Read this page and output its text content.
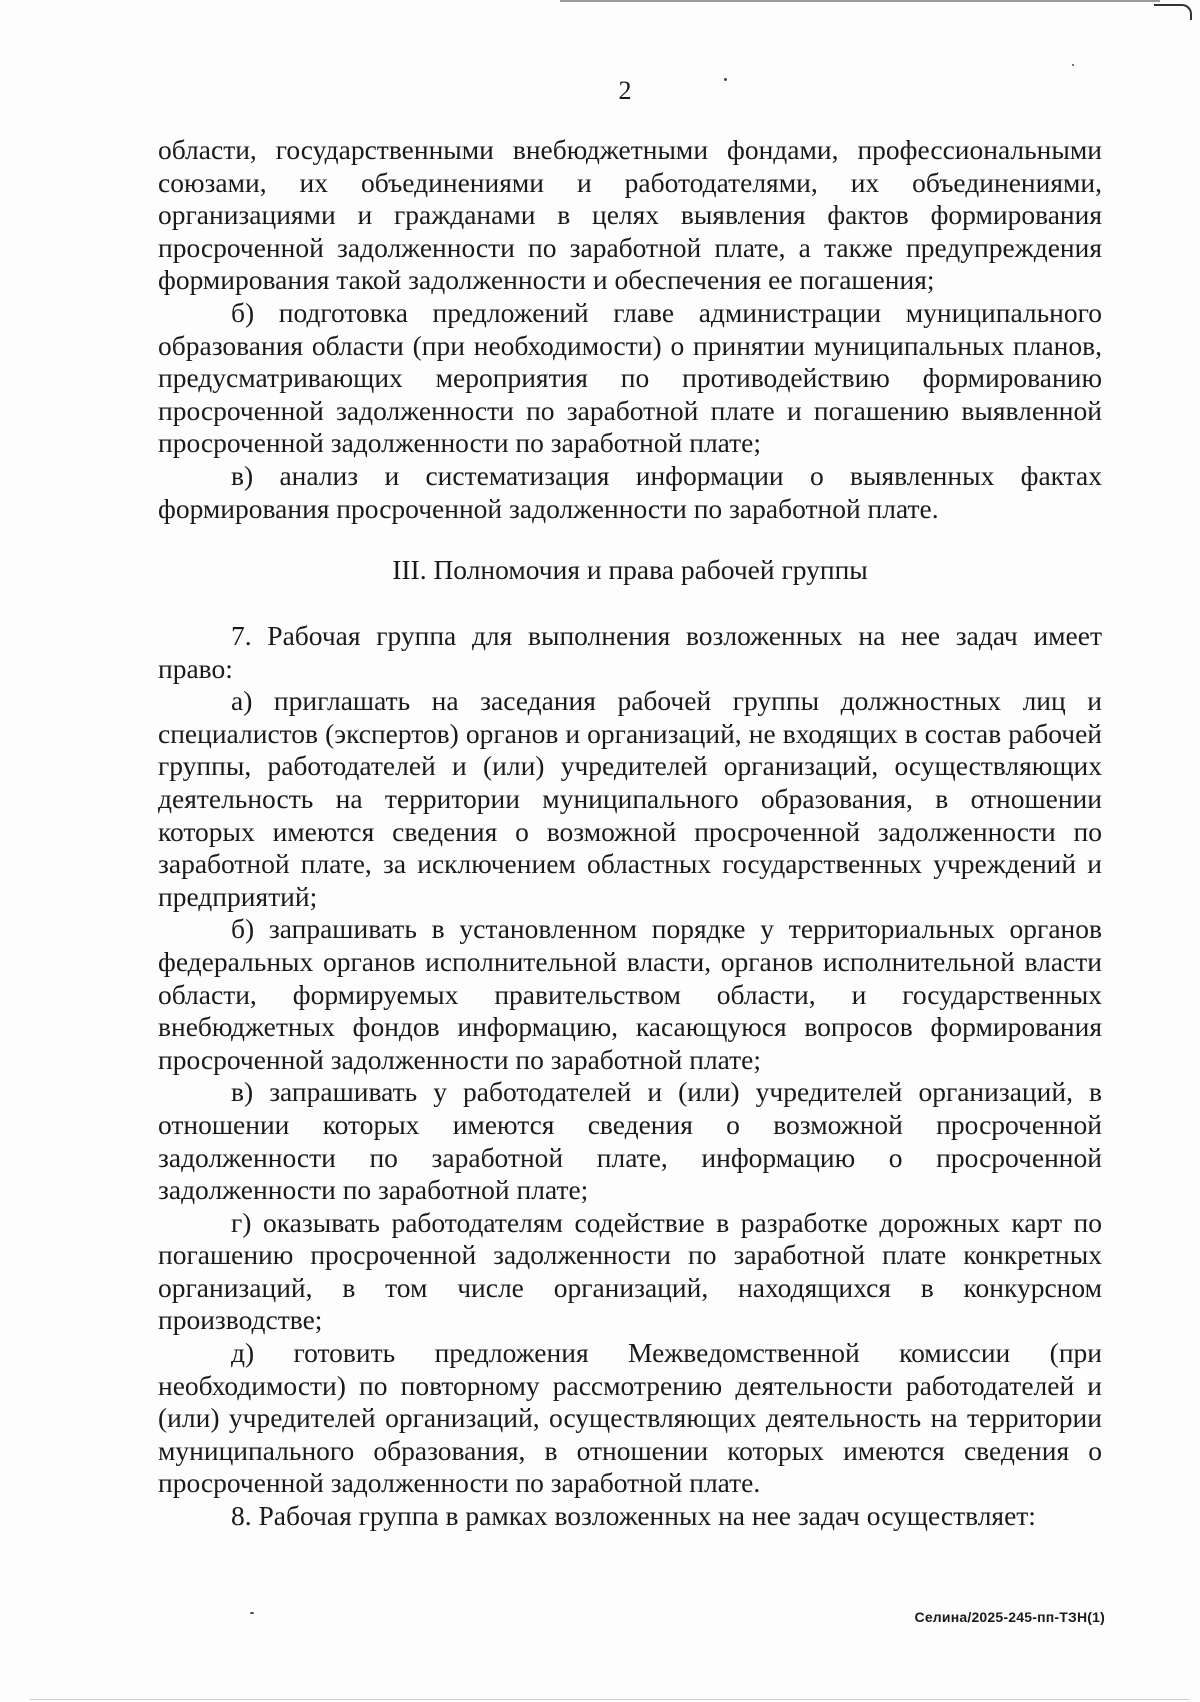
2

области, государственными внебюджетными фондами, профессиональными союзами, их объединениями и работодателями, их объединениями, организациями и гражданами в целях выявления фактов формирования просроченной задолженности по заработной плате, а также предупреждения формирования такой задолженности и обеспечения ее погашения;

б) подготовка предложений главе администрации муниципального образования области (при необходимости) о принятии муниципальных планов, предусматривающих мероприятия по противодействию формированию просроченной задолженности по заработной плате и погашению выявленной просроченной задолженности по заработной плате;

в) анализ и систематизация информации о выявленных фактах формирования просроченной задолженности по заработной плате.

III. Полномочия и права рабочей группы

7. Рабочая группа для выполнения возложенных на нее задач имеет право:

а) приглашать на заседания рабочей группы должностных лиц и специалистов (экспертов) органов и организаций, не входящих в состав рабочей группы, работодателей и (или) учредителей организаций, осуществляющих деятельность на территории муниципального образования, в отношении которых имеются сведения о возможной просроченной задолженности по заработной плате, за исключением областных государственных учреждений и предприятий;

б) запрашивать в установленном порядке у территориальных органов федеральных органов исполнительной власти, органов исполнительной власти области, формируемых правительством области, и государственных внебюджетных фондов информацию, касающуюся вопросов формирования просроченной задолженности по заработной плате;

в) запрашивать у работодателей и (или) учредителей организаций, в отношении которых имеются сведения о возможной просроченной задолженности по заработной плате, информацию о просроченной задолженности по заработной плате;

г) оказывать работодателям содействие в разработке дорожных карт по погашению просроченной задолженности по заработной плате конкретных организаций, в том числе организаций, находящихся в конкурсном производстве;

д) готовить предложения Межведомственной комиссии (при необходимости) по повторному рассмотрению деятельности работодателей и (или) учредителей организаций, осуществляющих деятельность на территории муниципального образования, в отношении которых имеются сведения о просроченной задолженности по заработной плате.

8. Рабочая группа в рамках возложенных на нее задач осуществляет:

Селина/2025-245-пп-ТЗН(1)
